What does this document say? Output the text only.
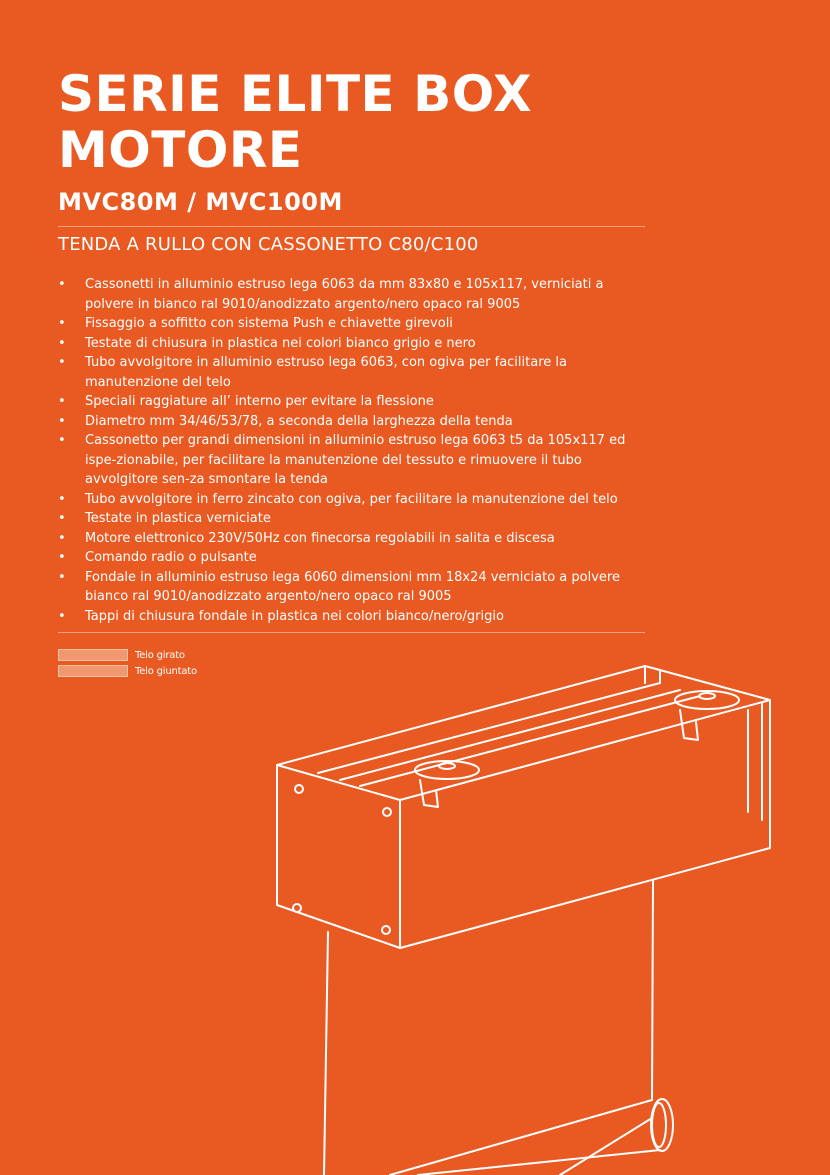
SERIE ELITE BOX
MOTORE
MVC80M / MVC100M
TENDA A RULLO CON CASSONETTO C80/C100
• Cassonetti in alluminio estruso lega 6063 da mm 83x80 e 105x117, verniciati a polvere in bianco ral 9010/anodizzato argento/nero opaco ral 9005
• Fissaggio a soffitto con sistema Push e chiavette girevoli
• Testate di chiusura in plastica nei colori bianco grigio e nero
• Tubo avvolgitore in alluminio estruso lega 6063, con ogiva per facilitare la manutenzione del telo
• Speciali raggiature all’ interno per evitare la flessione
• Diametro mm 34/46/53/78, a seconda della larghezza della tenda
• Cassonetto per grandi dimensioni in alluminio estruso lega 6063 t5 da 105x117 ed ispe-zionabile, per facilitare la manutenzione del tessuto e rimuovere il tubo avvolgitore sen-za smontare la tenda
• Tubo avvolgitore in ferro zincato con ogiva, per facilitare la manutenzione del telo
• Testate in plastica verniciate
• Motore elettronico 230V/50Hz con finecorsa regolabili in salita e discesa
• Comando radio o pulsante
• Fondale in alluminio estruso lega 6060 dimensioni mm 18x24 verniciato a polvere bianco ral 9010/anodizzato argento/nero opaco ral 9005
• Tappi di chiusura fondale in plastica nei colori bianco/nero/grigio
Telo girato
Telo giuntato
